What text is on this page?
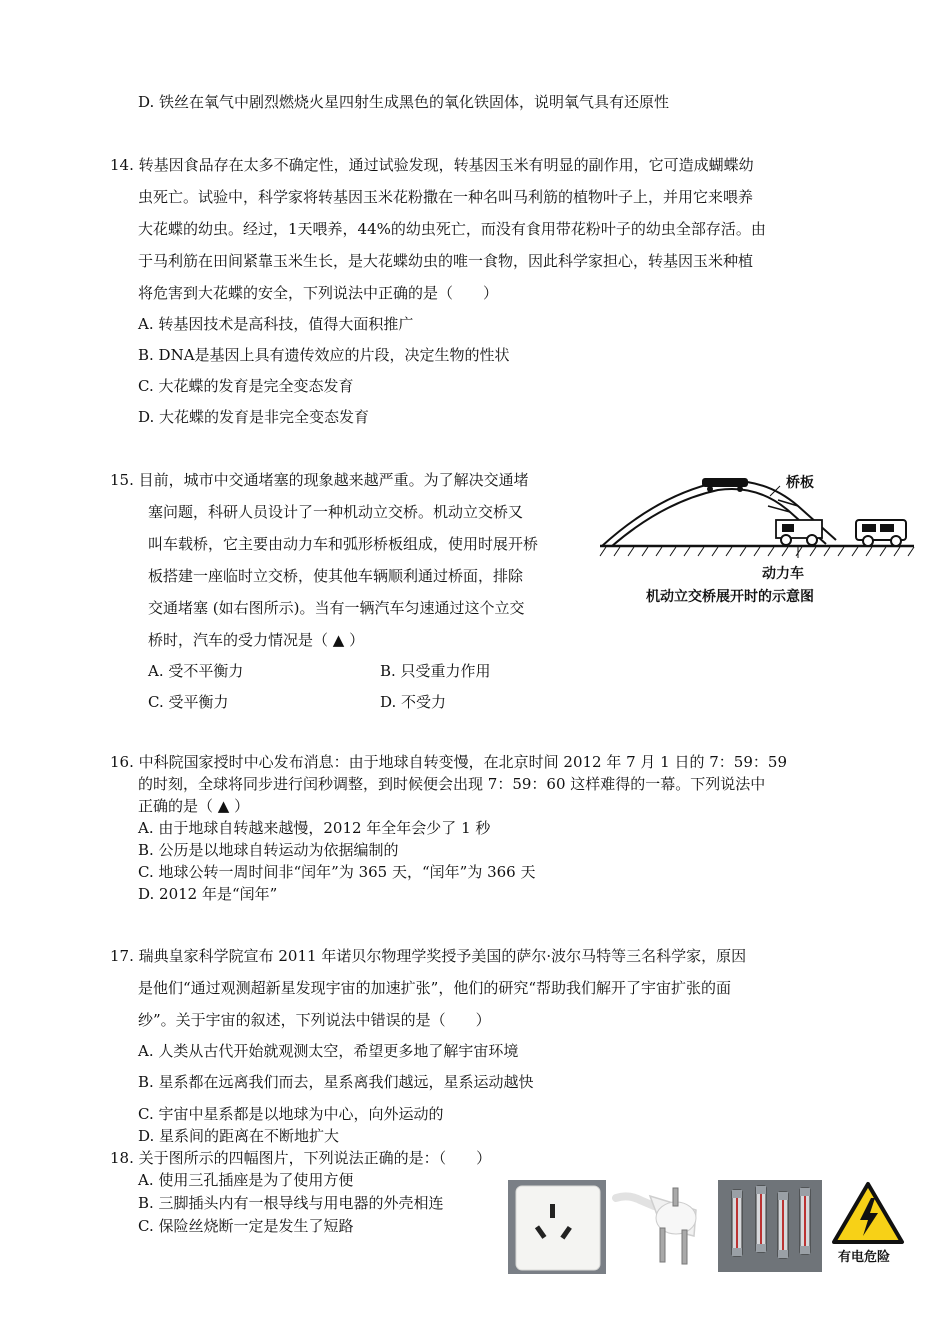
D. 铁丝在氧气中剧烈燃烧火星四射生成黑色的氧化铁固体，说明氧气具有还原性
14. 转基因食品存在太多不确定性，通过试验发现，转基因玉米有明显的副作用，它可造成蝴蝶幼
虫死亡。试验中，科学家将转基因玉米花粉撒在一种名叫马利筋的植物叶子上，并用它来喂养
大花蝶的幼虫。经过，1天喂养，44%的幼虫死亡，而没有食用带花粉叶子的幼虫全部存活。由
于马利筋在田间紧靠玉米生长，是大花蝶幼虫的唯一食物，因此科学家担心，转基因玉米种植
将危害到大花蝶的安全，下列说法中正确的是（　　）
A. 转基因技术是高科技，值得大面积推广
B. DNA是基因上具有遗传效应的片段，决定生物的性状
C. 大花蝶的发育是完全变态发育
D. 大花蝶的发育是非完全变态发育
15. 目前，城市中交通堵塞的现象越来越严重。为了解决交通堵
塞问题，科研人员设计了一种机动立交桥。机动立交桥又
叫车载桥，它主要由动力车和弧形桥板组成，使用时展开桥
板搭建一座临时立交桥，使其他车辆顺利通过桥面，排除
交通堵塞 (如右图所示)。当有一辆汽车匀速通过这个立交
桥时，汽车的受力情况是（ ▲ ）
A. 受不平衡力	B. 只受重力作用
C. 受平衡力	D. 不受力
桥板
动力车
机动立交桥展开时的示意图
16. 中科院国家授时中心发布消息：由于地球自转变慢，在北京时间 2012 年 7 月 1 日的 7：59：59
的时刻，全球将同步进行闰秒调整，到时候便会出现 7：59：60 这样难得的一幕。下列说法中
正确的是（ ▲ ）
A. 由于地球自转越来越慢，2012 年全年会少了 1 秒
B. 公历是以地球自转运动为依据编制的
C. 地球公转一周时间非“闰年”为 365 天，“闰年”为 366 天
D. 2012 年是“闰年”
17. 瑞典皇家科学院宣布 2011 年诺贝尔物理学奖授予美国的萨尔·波尔马特等三名科学家，原因
是他们“通过观测超新星发现宇宙的加速扩张”，他们的研究“帮助我们解开了宇宙扩张的面
纱”。关于宇宙的叙述，下列说法中错误的是（　　）
A. 人类从古代开始就观测太空，希望更多地了解宇宙环境
B. 星系都在远离我们而去，星系离我们越远，星系运动越快
C. 宇宙中星系都是以地球为中心，向外运动的
D. 星系间的距离在不断地扩大
18. 关于图所示的四幅图片，下列说法正确的是：（　　）
A. 使用三孔插座是为了使用方便
B. 三脚插头内有一根导线与用电器的外壳相连
C. 保险丝烧断一定是发生了短路
有电危险
